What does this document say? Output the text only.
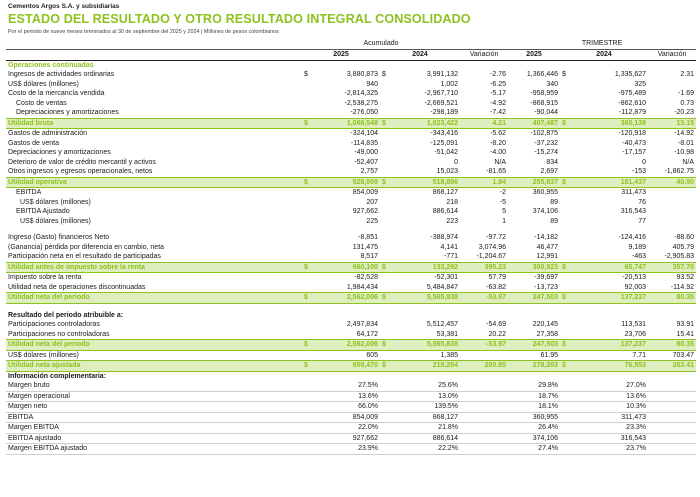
Cementos Argos S.A. y subsidiarias
ESTADO DEL RESULTADO Y OTRO RESULTADO INTEGRAL CONSOLIDADO
Por el periodo de nueve meses terminados al 30 de septiembre del 2025 y 2024 | Millones de pesos colombianos
	Acumulado					TRIMESTRE			
	2025		2024		Variación	2025	2024		Variación
Operaciones continuadas									
Ingresos de actividades ordinarias	$	3,880,873	$	3,991,132	-2.76	1,366,446	$	1,335,627	2.31
US$ dólares (millones)		940		1,002	-6.25	340		325	
Costo de la mercancía vendida		-2,814,325		-2,967,710	-5.17	-958,959		-975,489	-1.69
Costo de ventas		-2,538,275		-2,669,521	-4.92	-868,915		-862,610	0.73
Depreciaciones y amortizaciones		-276,050		-298,189	-7.42	-90,044		-112,879	-20.23
Utilidad bruta	$	1,066,548	$	1,023,422	4.21	407,487	$	360,138	13.15
Gastos de administración		-324,104		-343,416	-5.62	-102,875		-120,918	-14.92
Gastos de venta		-114,835		-125,091	-8.20	-37,232		-40,473	-8.01
Depreciaciones y amortizaciones		-49,000		-51,042	-4.00	-15,274		-17,157	-10.98
Deterioro de valor de crédito mercantil y activos		-52,407		0	N/A	834		0	N/A
Otros ingresos y egresos operacionales, netos		2,757		15,023	-81.65	2,697		-153	-1,862.75
Utilidad operativa	$	528,959	$	518,896	1.94	255,637	$	181,437	40.90
EBITDA		854,009		868,127	-2	360,955		311,473	
US$ dólares (millones)		207		218	-5	89		76	
EBITDA Ajustado		927,662		886,614	5	374,106		316,543	
US$ dólares (millones)		225		223	1	89		77	

Ingreso (Gasto) financieros Neto		-8,851		-388,974	-97.72	-14,182		-124,416	-88.60
(Ganancia) pérdida por diferencia en cambio, neta		131,475		4,141	3,074.96	46,477		9,189	405.79
Participación neta en el resultado de participadas		8,517		-771	-1,204.67	12,991		-463	-2,905.83
Utilidad antes de impuesto sobre la renta	$	660,100	$	133,292	395.23	300,923	$	65,747	357.70
Impuesto sobre la renta		-82,528		-52,301	57.79	-39,697		-20,513	93.52
Utilidad neta de operaciones discontinuadas		1,984,434		5,484,847	-63.82	-13,723		92,003	-114.92
Utilidad neta del periodo	$	2,562,006	$	5,565,838	-53.97	247,503	$	137,237	80.35

Resultado del periodo atribuible a:									
Participaciones controladoras		2,497,834		5,512,457	-54.69	220,145		113,531	93.91
Participaciones no controladoras		64,172		53,381	20.22	27,358		23,706	15.41
Utilidad neta del periodo	$	2,562,006	$	5,565,838	-53.97	247,503	$	137,237	80.35
US$ dólares (millones)		605		1,385		61.95		7.71	703.47
Utilidad neta ajustada	$	659,470	$	219,204	200.85	278,203	$	76,553	263.41
Información complementaria:									
Margen bruto		27.5%		25.6%		29.8%		27.0%	
Margen operacional		13.6%		13.0%		18.7%		13.6%	
Margen neto		66.0%		139.5%		18.1%		10.3%	
EBITDA		854,009		868,127		360,955		311,473	
Margen EBITDA		22.0%		21.8%		26.4%		23.3%	
EBITDA ajustado		927,662		886,614		374,106		316,543	
Margen EBITDA ajustado		23.9%		22.2%		27.4%		23.7%	
